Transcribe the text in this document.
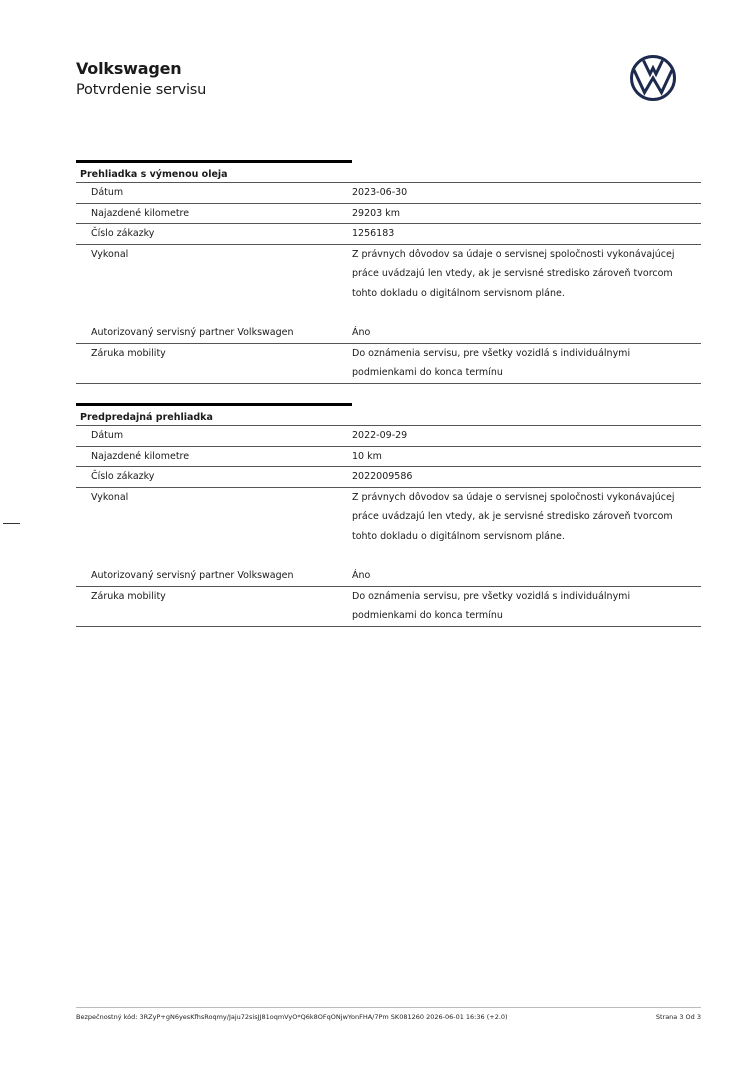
Volkswagen
Potvrdenie servisu
Prehliadka s výmenou oleja
Dátum	2023-06-30
Najazdené kilometre	29203 km
Číslo zákazky	1256183
Vykonal	Z právnych dôvodov sa údaje o servisnej spoločnosti vykonávajúcej práce uvádzajú len vtedy, ak je servisné stredisko zároveň tvorcom tohto dokladu o digitálnom servisnom pláne.
Autorizovaný servisný partner Volkswagen	Áno
Záruka mobility	Do oznámenia servisu, pre všetky vozidlá s individuálnymi podmienkami do konca termínu
Predpredajná prehliadka
Dátum	2022-09-29
Najazdené kilometre	10 km
Číslo zákazky	2022009586
Vykonal	Z právnych dôvodov sa údaje o servisnej spoločnosti vykonávajúcej práce uvádzajú len vtedy, ak je servisné stredisko zároveň tvorcom tohto dokladu o digitálnom servisnom pláne.
Autorizovaný servisný partner Volkswagen	Áno
Záruka mobility	Do oznámenia servisu, pre všetky vozidlá s individuálnymi podmienkami do konca termínu
Bezpečnostný kód: 3RZyP+gN6yesKfhsRoqmy/Jaju72sisJJ81oqmVyO*Q6k8OFqONjwYonFHA/7Pm SK081260 2026-06-01 16:36 (+2.0)	Strana 3 Od 3
